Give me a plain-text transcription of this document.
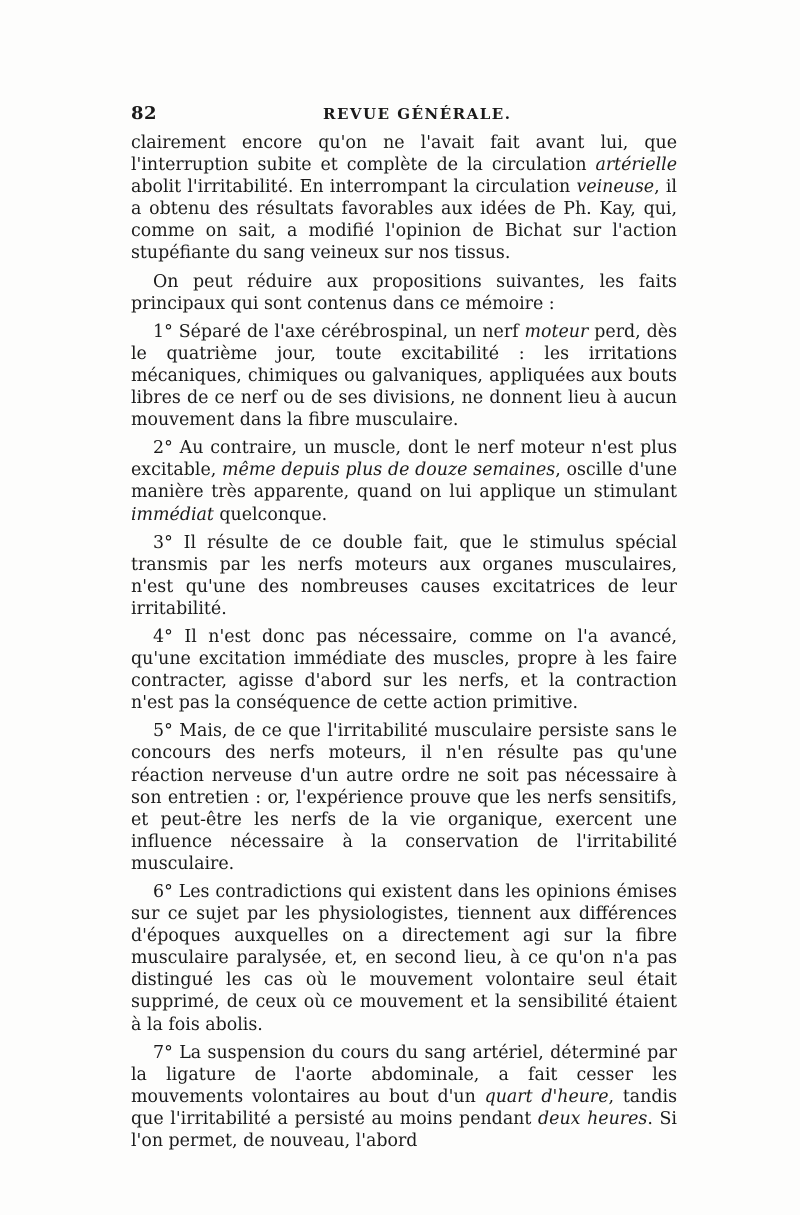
82	REVUE GÉNÉRALE.

clairement encore qu'on ne l'avait fait avant lui, que l'interruption subite et complète de la circulation artérielle abolit l'irritabilité. En interrompant la circulation veineuse, il a obtenu des résultats favorables aux idées de Ph. Kay, qui, comme on sait, a modifié l'opinion de Bichat sur l'action stupéfiante du sang veineux sur nos tissus.

On peut réduire aux propositions suivantes, les faits principaux qui sont contenus dans ce mémoire :

1° Séparé de l'axe cérébrospinal, un nerf moteur perd, dès le quatrième jour, toute excitabilité : les irritations mécaniques, chimiques ou galvaniques, appliquées aux bouts libres de ce nerf ou de ses divisions, ne donnent lieu à aucun mouvement dans la fibre musculaire.

2° Au contraire, un muscle, dont le nerf moteur n'est plus excitable, même depuis plus de douze semaines, oscille d'une manière très apparente, quand on lui applique un stimulant immédiat quelconque.

3° Il résulte de ce double fait, que le stimulus spécial transmis par les nerfs moteurs aux organes musculaires, n'est qu'une des nombreuses causes excitatrices de leur irritabilité.

4° Il n'est donc pas nécessaire, comme on l'a avancé, qu'une excitation immédiate des muscles, propre à les faire contracter, agisse d'abord sur les nerfs, et la contraction n'est pas la conséquence de cette action primitive.

5° Mais, de ce que l'irritabilité musculaire persiste sans le concours des nerfs moteurs, il n'en résulte pas qu'une réaction nerveuse d'un autre ordre ne soit pas nécessaire à son entretien : or, l'expérience prouve que les nerfs sensitifs, et peut-être les nerfs de la vie organique, exercent une influence nécessaire à la conservation de l'irritabilité musculaire.

6° Les contradictions qui existent dans les opinions émises sur ce sujet par les physiologistes, tiennent aux différences d'époques auxquelles on a directement agi sur la fibre musculaire paralysée, et, en second lieu, à ce qu'on n'a pas distingué les cas où le mouvement volontaire seul était supprimé, de ceux où ce mouvement et la sensibilité étaient à la fois abolis.

7° La suspension du cours du sang artériel, déterminé par la ligature de l'aorte abdominale, a fait cesser les mouvements volontaires au bout d'un quart d'heure, tandis que l'irritabilité a persisté au moins pendant deux heures. Si l'on permet, de nouveau, l'abord
